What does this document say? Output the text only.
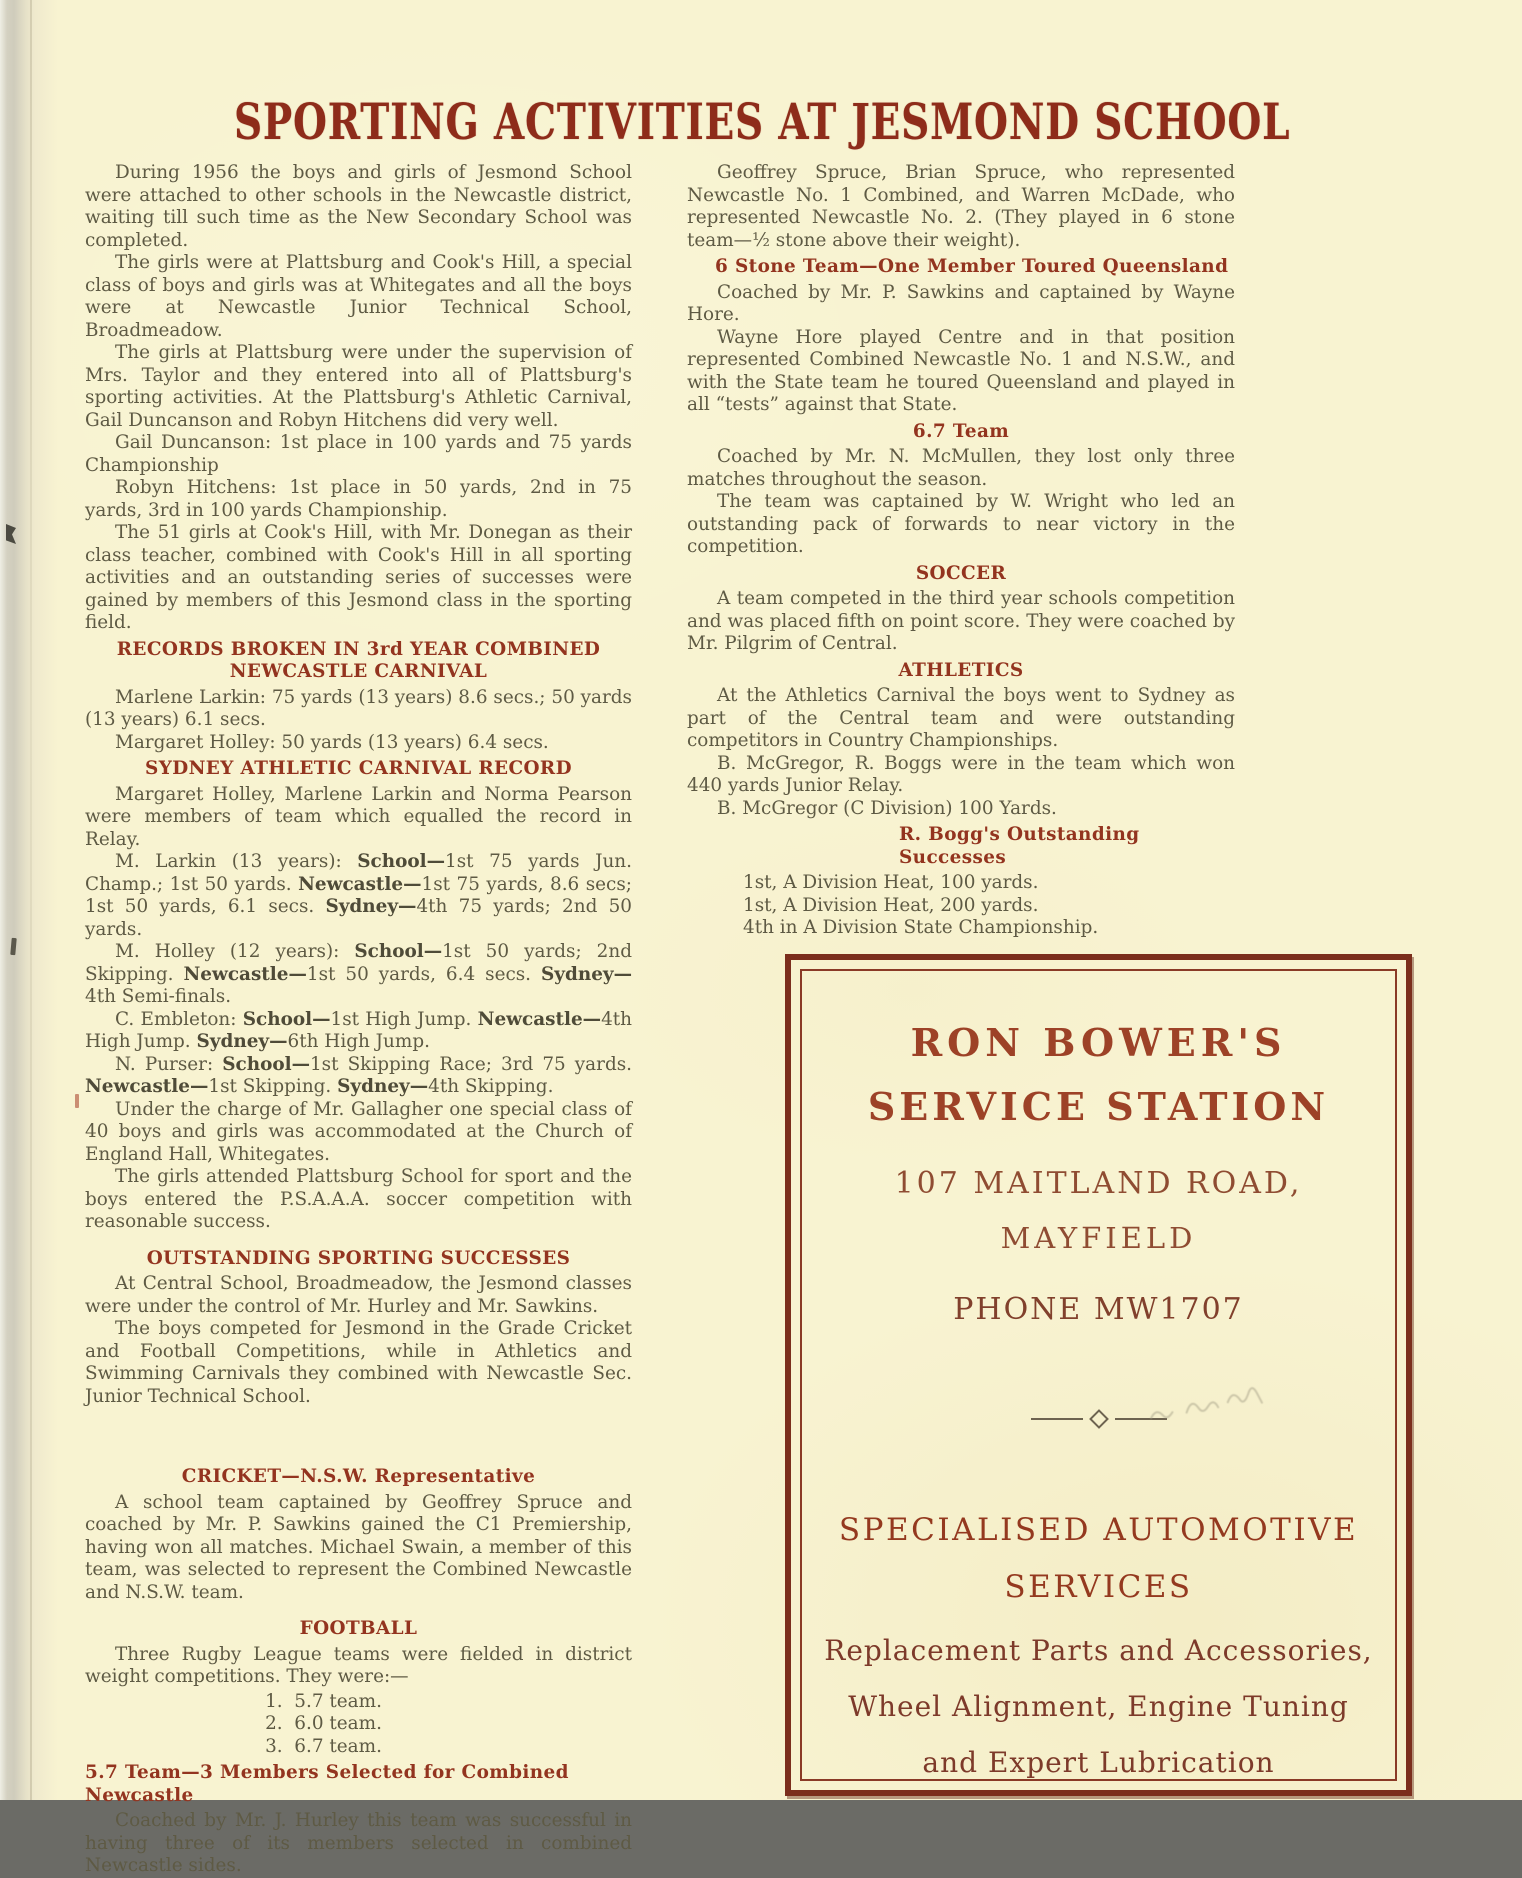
SPORTING ACTIVITIES AT JESMOND SCHOOL

During 1956 the boys and girls of Jesmond School were attached to other schools in the Newcastle district, waiting till such time as the New Secondary School was completed.

The girls were at Plattsburg and Cook's Hill, a special class of boys and girls was at Whitegates and all the boys were at Newcastle Junior Technical School, Broadmeadow.

The girls at Plattsburg were under the supervision of Mrs. Taylor and they entered into all of Plattsburg's sporting activities. At the Plattsburg's Athletic Carnival, Gail Duncanson and Robyn Hitchens did very well.

Gail Duncanson: 1st place in 100 yards and 75 yards Championship

Robyn Hitchens: 1st place in 50 yards, 2nd in 75 yards, 3rd in 100 yards Championship.

The 51 girls at Cook's Hill, with Mr. Donegan as their class teacher, combined with Cook's Hill in all sporting activities and an outstanding series of successes were gained by members of this Jesmond class in the sporting field.

RECORDS BROKEN IN 3rd YEAR COMBINED
NEWCASTLE CARNIVAL

Marlene Larkin: 75 yards (13 years) 8.6 secs.; 50 yards (13 years) 6.1 secs.

Margaret Holley: 50 yards (13 years) 6.4 secs.

SYDNEY ATHLETIC CARNIVAL RECORD

Margaret Holley, Marlene Larkin and Norma Pearson were members of team which equalled the record in Relay.

M. Larkin (13 years): School—1st 75 yards Jun. Champ.; 1st 50 yards. Newcastle—1st 75 yards, 8.6 secs; 1st 50 yards, 6.1 secs. Sydney—4th 75 yards; 2nd 50 yards.

M. Holley (12 years): School—1st 50 yards; 2nd Skipping. Newcastle—1st 50 yards, 6.4 secs. Sydney—4th Semi-finals.

C. Embleton: School—1st High Jump. Newcastle—4th High Jump. Sydney—6th High Jump.

N. Purser: School—1st Skipping Race; 3rd 75 yards. Newcastle—1st Skipping. Sydney—4th Skipping.

Under the charge of Mr. Gallagher one special class of 40 boys and girls was accommodated at the Church of England Hall, Whitegates.

The girls attended Plattsburg School for sport and the boys entered the P.S.A.A.A. soccer competition with reasonable success.

OUTSTANDING SPORTING SUCCESSES

At Central School, Broadmeadow, the Jesmond classes were under the control of Mr. Hurley and Mr. Sawkins.

The boys competed for Jesmond in the Grade Cricket and Football Competitions, while in Athletics and Swimming Carnivals they combined with Newcastle Sec. Junior Technical School.

CRICKET—N.S.W. Representative

A school team captained by Geoffrey Spruce and coached by Mr. P. Sawkins gained the C1 Premiership, having won all matches. Michael Swain, a member of this team, was selected to represent the Combined Newcastle and N.S.W. team.

FOOTBALL

Three Rugby League teams were fielded in district weight competitions. They were:—

1.  5.7 team.
2.  6.0 team.
3.  6.7 team.
5.7 Team—3 Members Selected for Combined Newcastle

Coached by Mr. J. Hurley this team was successful in having three of its members selected in combined Newcastle sides.

Geoffrey Spruce, Brian Spruce, who represented Newcastle No. 1 Combined, and Warren McDade, who represented Newcastle No. 2. (They played in 6 stone team—½ stone above their weight).

6 Stone Team—One Member Toured Queensland

Coached by Mr. P. Sawkins and captained by Wayne Hore.

Wayne Hore played Centre and in that position represented Combined Newcastle No. 1 and N.S.W., and with the State team he toured Queensland and played in all “tests” against that State.

6.7 Team

Coached by Mr. N. McMullen, they lost only three matches throughout the season.

The team was captained by W. Wright who led an outstanding pack of forwards to near victory in the competition.

SOCCER

A team competed in the third year schools competition and was placed fifth on point score. They were coached by Mr. Pilgrim of Central.

ATHLETICS

At the Athletics Carnival the boys went to Sydney as part of the Central team and were outstanding competitors in Country Championships.

B. McGregor, R. Boggs were in the team which won 440 yards Junior Relay.

B. McGregor (C Division) 100 Yards.

R. Bogg's Outstanding Successes

1st, A Division Heat, 100 yards.

1st, A Division Heat, 200 yards.

4th in A Division State Championship.

RON BOWER'S
SERVICE STATION
107 MAITLAND ROAD,
MAYFIELD
PHONE MW1707
SPECIALISED AUTOMOTIVE
SERVICES
Replacement Parts and Accessories,
Wheel Alignment, Engine Tuning
and Expert Lubrication
